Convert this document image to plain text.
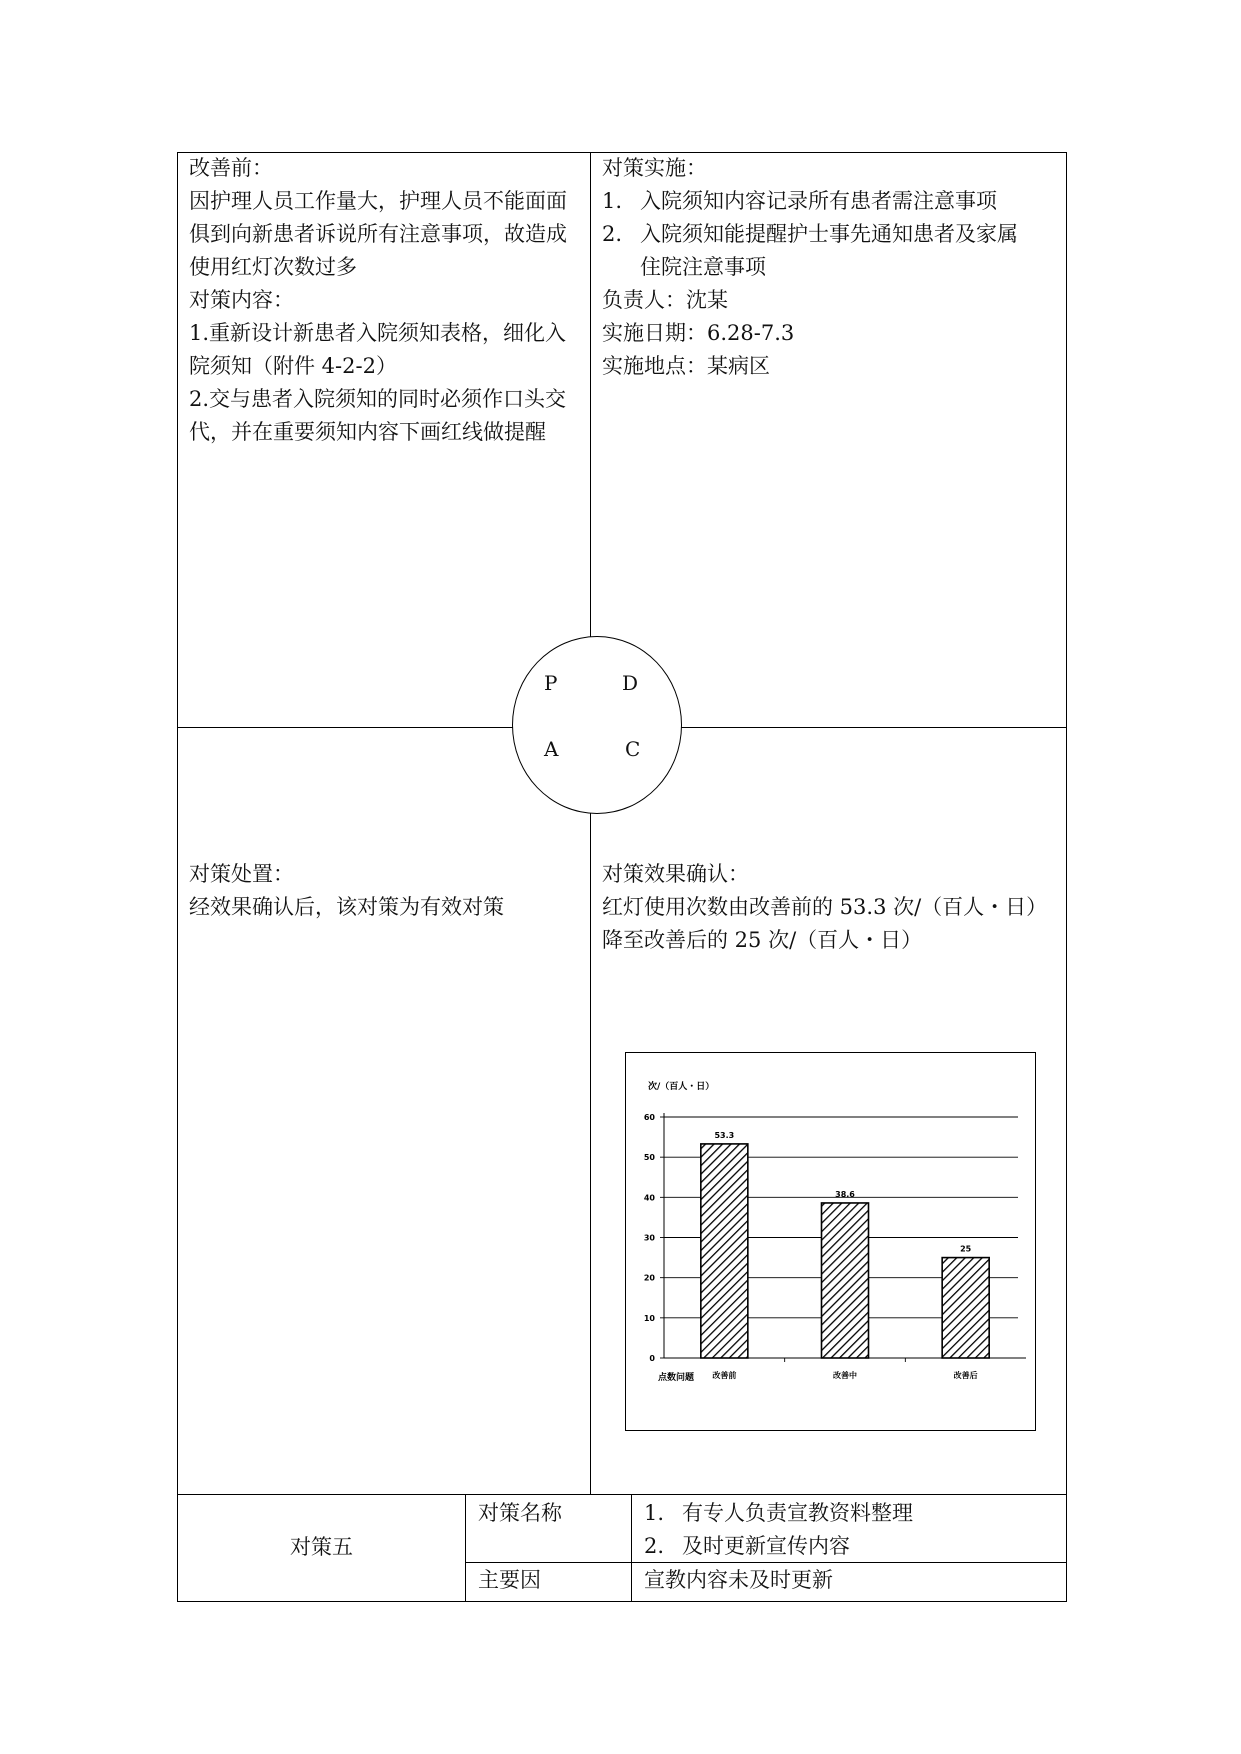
改善前：

因护理人员工作量大，护理人员不能面面

俱到向新患者诉说所有注意事项，故造成

使用红灯次数过多

对策内容：

1.重新设计新患者入院须知表格，细化入

院须知（附件 4-2-2）

2.交与患者入院须知的同时必须作口头交

代，并在重要须知内容下画红线做提醒

对策实施：

1. 入院须知内容记录所有患者需注意事项

2. 入院须知能提醒护士事先通知患者及家属

住院注意事项

负责人：沈某

实施日期：6.28-7.3

实施地点：某病区

对策处置：

经效果确认后，该对策为有效对策

对策效果确认：

红灯使用次数由改善前的 53.3 次/（百人・日）

降至改善后的 25 次/（百人・日）

P	D
A	C
次/（百人・日）
点数问题
0
10
20
30
40
50
60
53.3
改善前
38.6
改善中
25
改善后
对策五
对策名称	1. 有专人负责宣教资料整理
2. 及时更新宣传内容
主要因	宣教内容未及时更新
